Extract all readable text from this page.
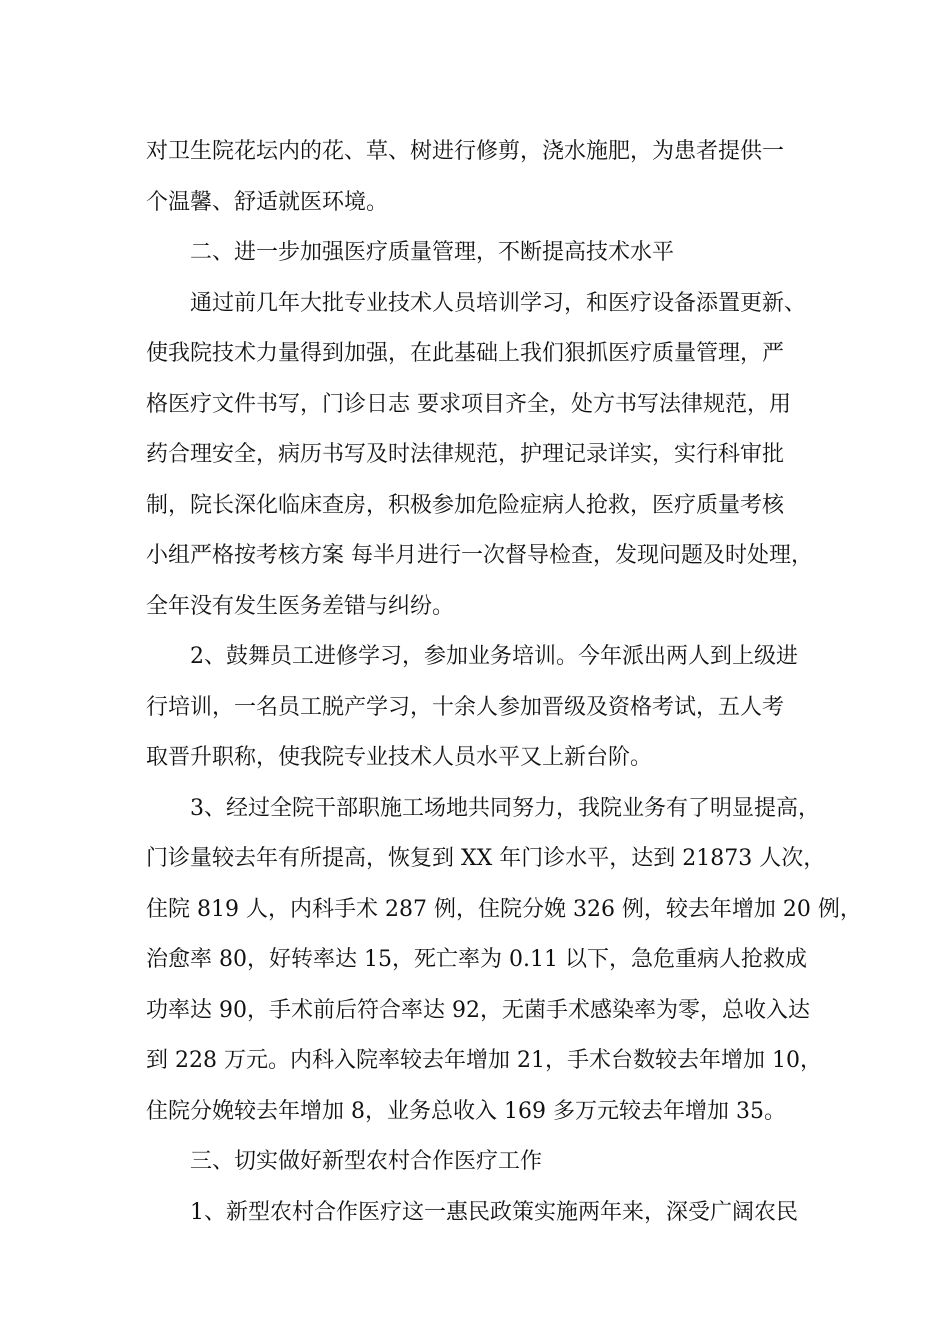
对卫生院花坛内的花、草、树进行修剪，浇水施肥，为患者提供一
个温馨、舒适就医环境。
二、进一步加强医疗质量管理，不断提高技术水平
通过前几年大批专业技术人员培训学习，和医疗设备添置更新、
使我院技术力量得到加强，在此基础上我们狠抓医疗质量管理，严
格医疗文件书写，门诊日志 要求项目齐全，处方书写法律规范，用
药合理安全，病历书写及时法律规范，护理记录详实，实行科审批
制，院长深化临床查房，积极参加危险症病人抢救，医疗质量考核
小组严格按考核方案 每半月进行一次督导检查，发现问题及时处理，
全年没有发生医务差错与纠纷。
2、鼓舞员工进修学习，参加业务培训。今年派出两人到上级进
行培训，一名员工脱产学习，十余人参加晋级及资格考试，五人考
取晋升职称，使我院专业技术人员水平又上新台阶。
3、经过全院干部职施工场地共同努力，我院业务有了明显提高，
门诊量较去年有所提高，恢复到 XX 年门诊水平，达到 21873 人次，
住院 819 人，内科手术 287 例，住院分娩 326 例，较去年增加 20 例，
治愈率 80，好转率达 15，死亡率为 0.11 以下，急危重病人抢救成
功率达 90，手术前后符合率达 92，无菌手术感染率为零，总收入达
到 228 万元。内科入院率较去年增加 21，手术台数较去年增加 10，
住院分娩较去年增加 8，业务总收入 169 多万元较去年增加 35。
三、切实做好新型农村合作医疗工作
1、新型农村合作医疗这一惠民政策实施两年来，深受广阔农民
